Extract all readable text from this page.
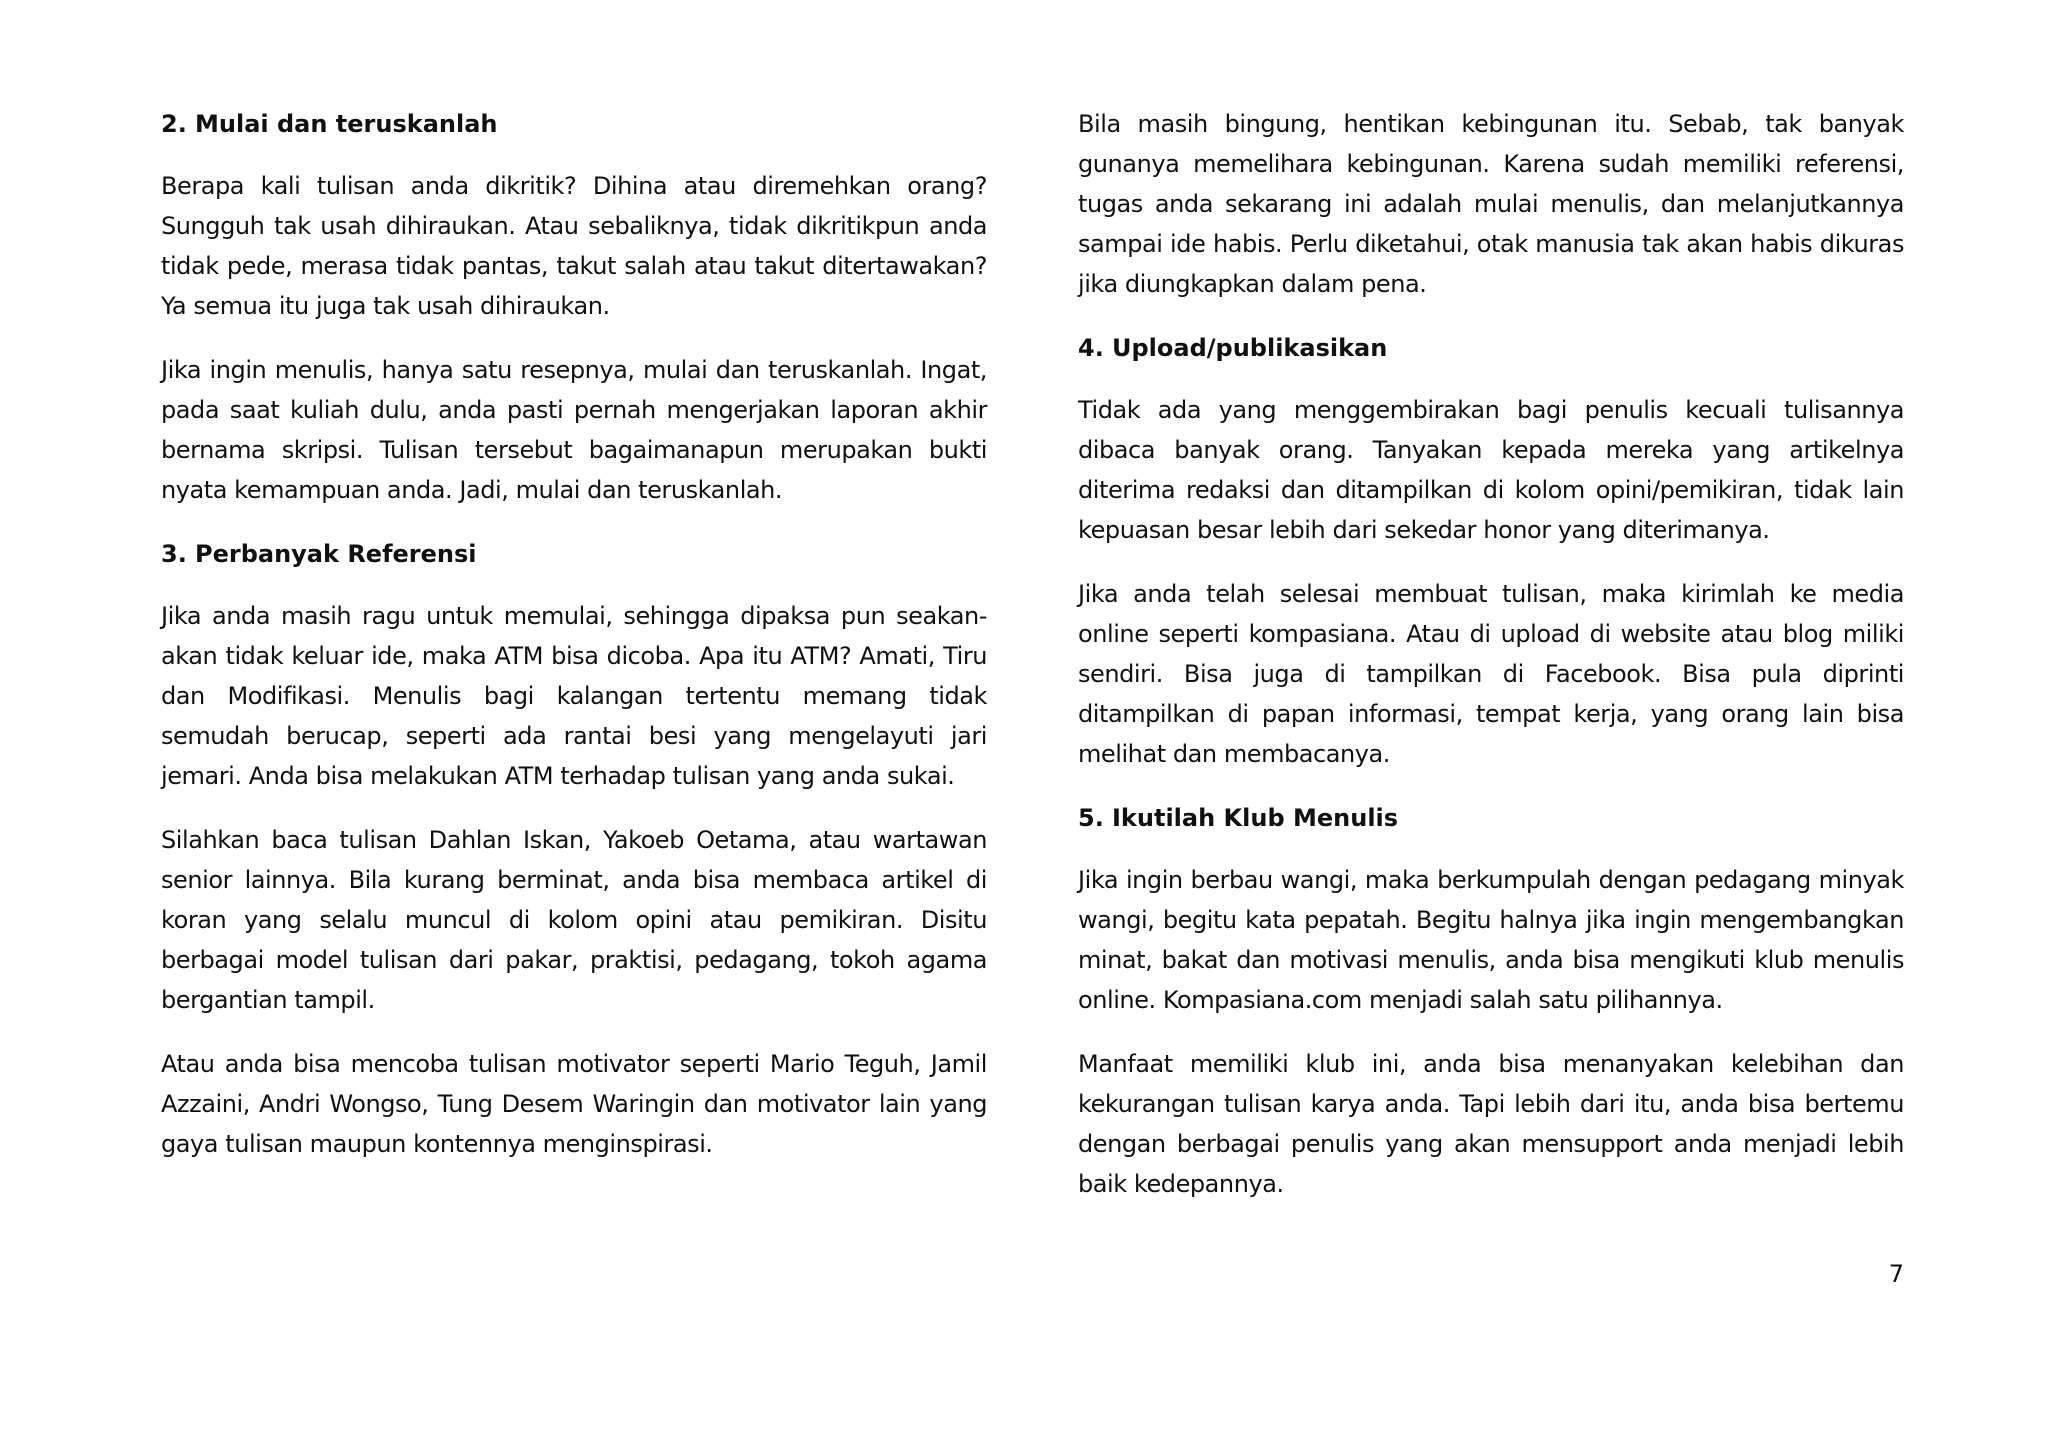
2. Mulai dan teruskanlah

Berapa kali tulisan anda dikritik? Dihina atau diremehkan orang? Sungguh tak usah dihiraukan. Atau sebaliknya, tidak dikritikpun anda tidak pede, merasa tidak pantas, takut salah atau takut ditertawakan? Ya semua itu juga tak usah dihiraukan.

Jika ingin menulis, hanya satu resepnya, mulai dan teruskanlah. Ingat, pada saat kuliah dulu, anda pasti pernah mengerjakan laporan akhir bernama skripsi. Tulisan tersebut bagaimanapun merupakan bukti nyata kemampuan anda. Jadi, mulai dan teruskanlah.

3. Perbanyak Referensi

Jika anda masih ragu untuk memulai, sehingga dipaksa pun seakan-akan tidak keluar ide, maka ATM bisa dicoba. Apa itu ATM? Amati, Tiru dan Modifikasi. Menulis bagi kalangan tertentu memang tidak semudah berucap, seperti ada rantai besi yang mengelayuti jari jemari. Anda bisa melakukan ATM terhadap tulisan yang anda sukai.

Silahkan baca tulisan Dahlan Iskan, Yakoeb Oetama, atau wartawan senior lainnya. Bila kurang berminat, anda bisa membaca artikel di koran yang selalu muncul di kolom opini atau pemikiran. Disitu berbagai model tulisan dari pakar, praktisi, pedagang, tokoh agama bergantian tampil.

Atau anda bisa mencoba tulisan motivator seperti Mario Teguh, Jamil Azzaini, Andri Wongso, Tung Desem Waringin dan motivator lain yang gaya tulisan maupun kontennya menginspirasi.

Bila masih bingung, hentikan kebingunan itu. Sebab, tak banyak gunanya memelihara kebingunan. Karena sudah memiliki referensi, tugas anda sekarang ini adalah mulai menulis, dan melanjutkannya sampai ide habis. Perlu diketahui, otak manusia tak akan habis dikuras jika diungkapkan dalam pena.

4. Upload/publikasikan

Tidak ada yang menggembirakan bagi penulis kecuali tulisannya dibaca banyak orang. Tanyakan kepada mereka yang artikelnya diterima redaksi dan ditampilkan di kolom opini/pemikiran, tidak lain kepuasan besar lebih dari sekedar honor yang diterimanya.

Jika anda telah selesai membuat tulisan, maka kirimlah ke media online seperti kompasiana. Atau di upload di website atau blog miliki sendiri. Bisa juga di tampilkan di Facebook. Bisa pula diprinti ditampilkan di papan informasi, tempat kerja, yang orang lain bisa melihat dan membacanya.

5. Ikutilah Klub Menulis

Jika ingin berbau wangi, maka berkumpulah dengan pedagang minyak wangi, begitu kata pepatah. Begitu halnya jika ingin mengembangkan minat, bakat dan motivasi menulis, anda bisa mengikuti klub menulis online. Kompasiana.com menjadi salah satu pilihannya.

Manfaat memiliki klub ini, anda bisa menanyakan kelebihan dan kekurangan tulisan karya anda. Tapi lebih dari itu, anda bisa bertemu dengan berbagai penulis yang akan mensupport anda menjadi lebih baik kedepannya.

7
